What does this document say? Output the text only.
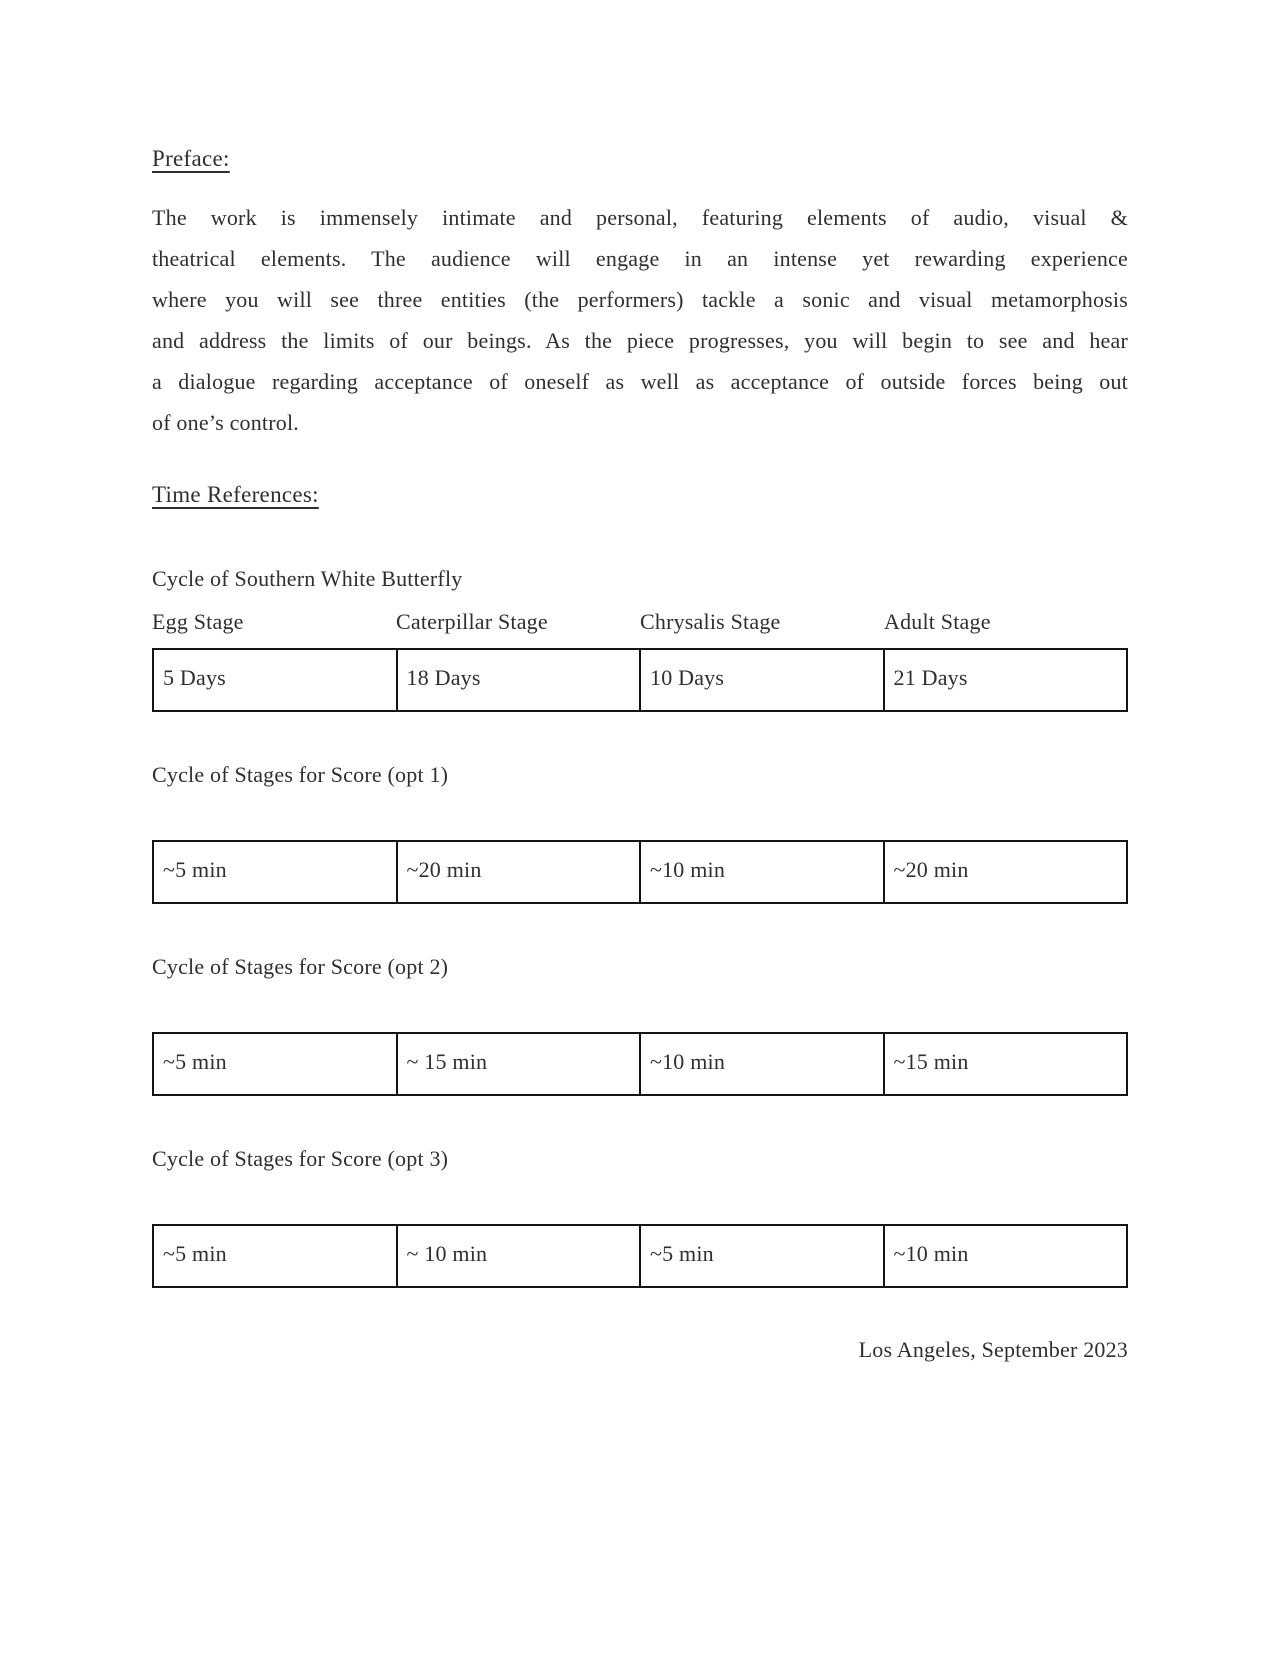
Preface:
The work is immensely intimate and personal, featuring elements of audio, visual &
theatrical elements. The audience will engage in an intense yet rewarding experience
where you will see three entities (the performers) tackle a sonic and visual metamorphosis
and address the limits of our beings. As the piece progresses, you will begin to see and hear
a dialogue regarding acceptance of oneself as well as acceptance of outside forces being out
of one’s control.
Time References:
Cycle of Southern White Butterfly
Egg Stage	Caterpillar Stage	Chrysalis Stage	Adult Stage
5 Days	18 Days	10 Days	21 Days
Cycle of Stages for Score (opt 1)
~5 min	~20 min	~10 min	~20 min
Cycle of Stages for Score (opt 2)
~5 min	~ 15 min	~10 min	~15 min
Cycle of Stages for Score (opt 3)
~5 min	~ 10 min	~5 min	~10 min
Los Angeles, September 2023
